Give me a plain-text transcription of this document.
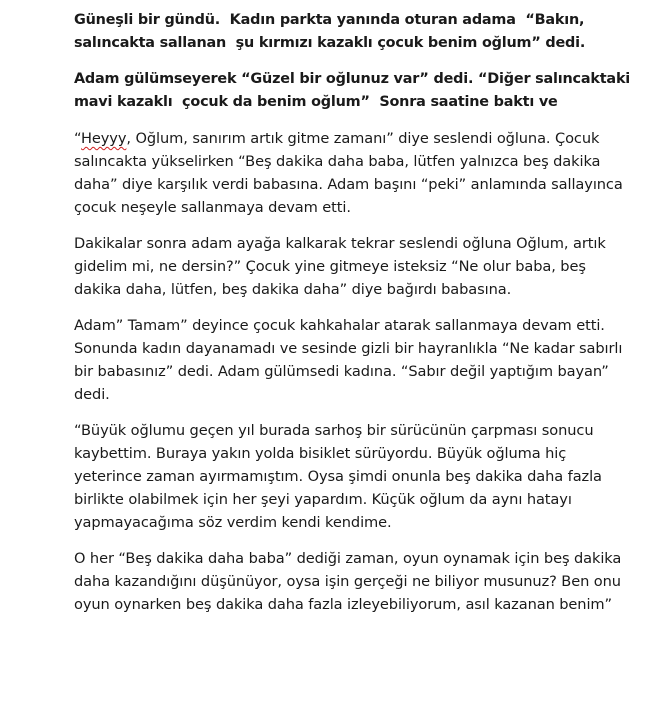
Güneşli bir gündü.  Kadın parkta yanında oturan adama  “Bakın, salıncakta sallanan  şu kırmızı kazaklı çocuk benim oğlum” dedi.

Adam gülümseyerek “Güzel bir oğlunuz var” dedi. “Diğer salıncaktaki mavi kazaklı  çocuk da benim oğlum”  Sonra saatine baktı ve

“Heyyy, Oğlum, sanırım artık gitme zamanı” diye seslendi oğluna. Çocuk salıncakta yükselirken “Beş dakika daha baba, lütfen yalnızca beş dakika daha” diye karşılık verdi babasına. Adam başını “peki” anlamında sallayınca çocuk neşeyle sallanmaya devam etti.

Dakikalar sonra adam ayağa kalkarak tekrar seslendi oğluna Oğlum, artık gidelim mi, ne dersin?” Çocuk yine gitmeye isteksiz “Ne olur baba, beş dakika daha, lütfen, beş dakika daha” diye bağırdı babasına.

Adam” Tamam” deyince çocuk kahkahalar atarak sallanmaya devam etti. Sonunda kadın dayanamadı ve sesinde gizli bir hayranlıkla “Ne kadar sabırlı bir babasınız” dedi. Adam gülümsedi kadına. “Sabır değil yaptığım bayan” dedi.

“Büyük oğlumu geçen yıl burada sarhoş bir sürücünün çarpması sonucu kaybettim. Buraya yakın yolda bisiklet sürüyordu. Büyük oğluma hiç yeterince zaman ayırmamıştım. Oysa şimdi onunla beş dakika daha fazla birlikte olabilmek için her şeyi yapardım. Küçük oğlum da aynı hatayı yapmayacağıma söz verdim kendi kendime.

O her “Beş dakika daha baba” dediği zaman, oyun oynamak için beş dakika daha kazandığını düşünüyor, oysa işin gerçeği ne biliyor musunuz? Ben onu oyun oynarken beş dakika daha fazla izleyebiliyorum, asıl kazanan benim”
